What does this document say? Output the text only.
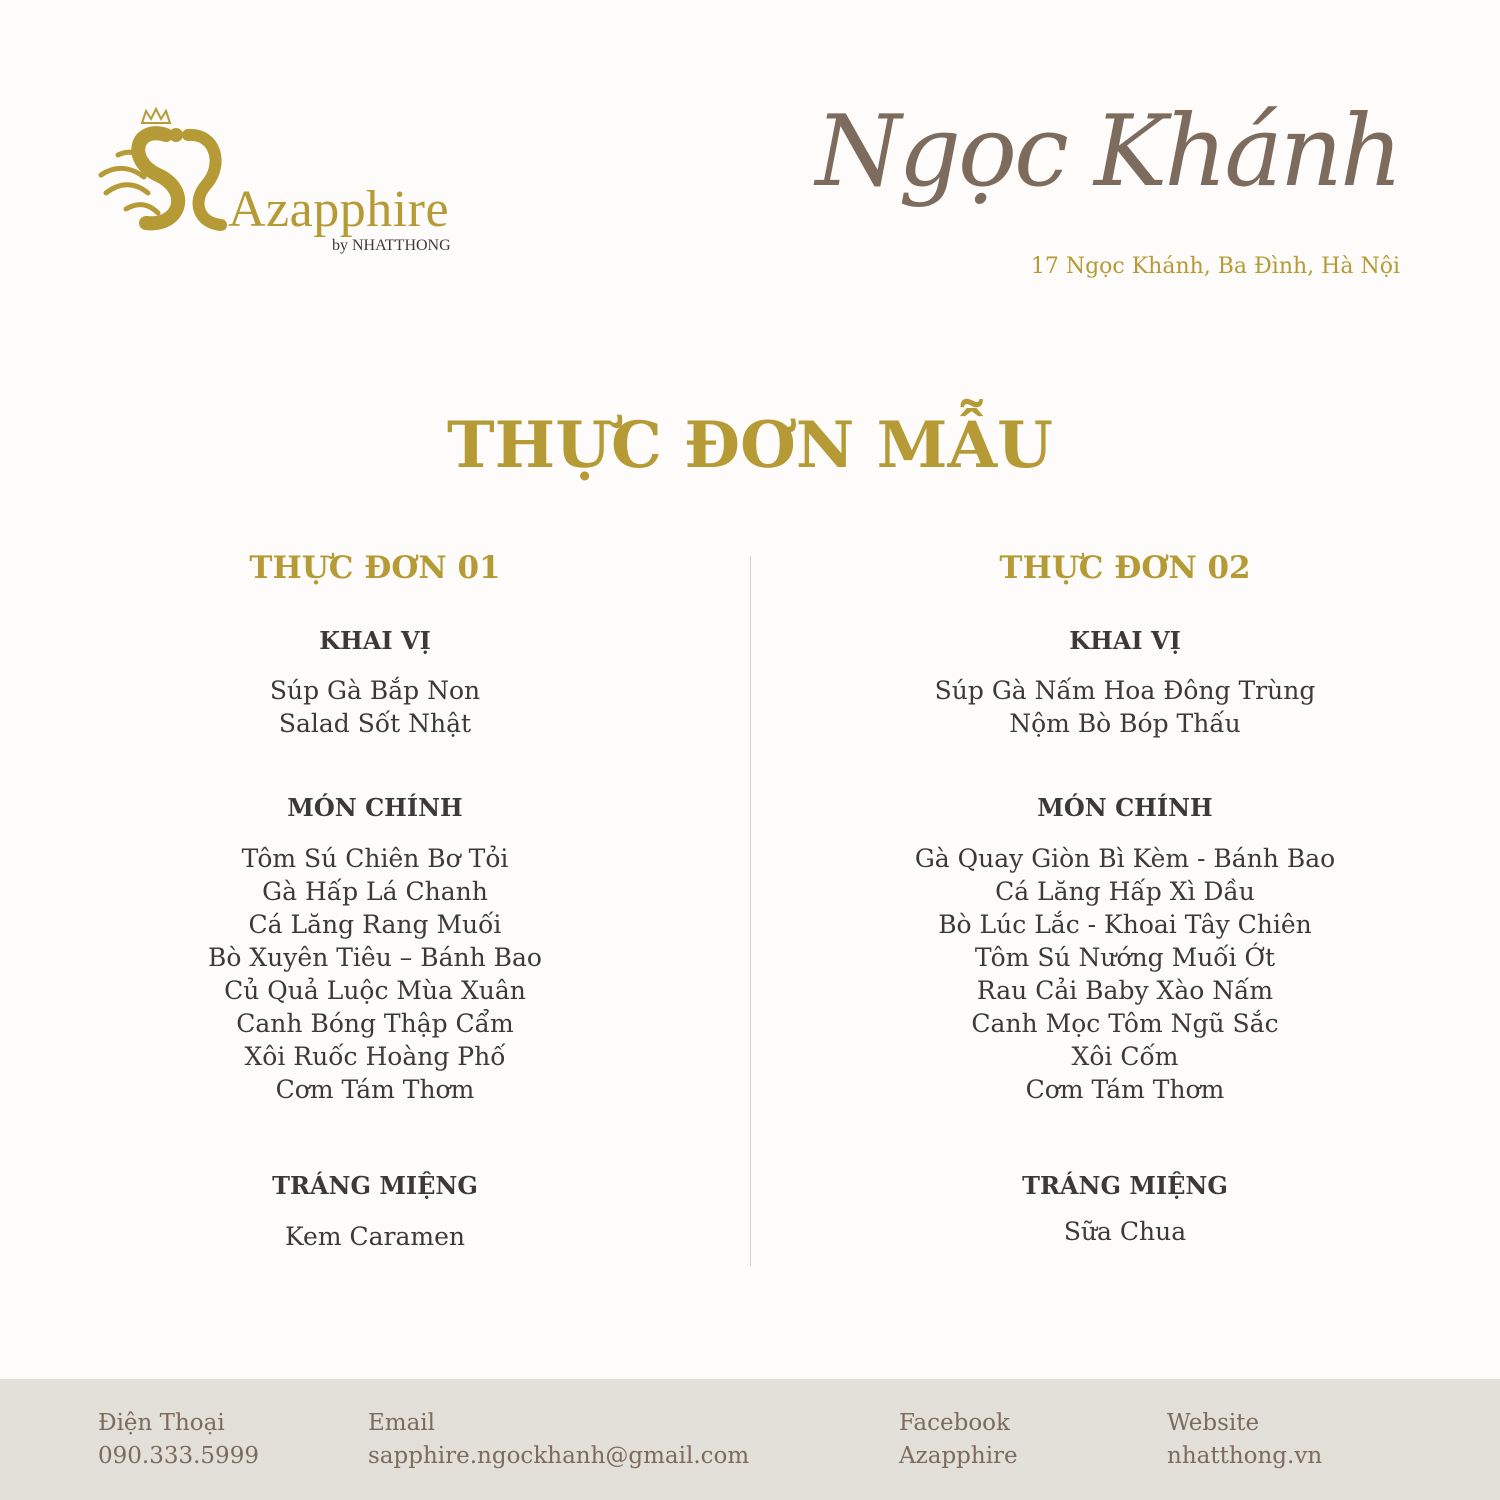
Azapphire
by NHATTHONG
Ngọc Khánh
17 Ngọc Khánh, Ba Đình, Hà Nội
THỰC ĐƠN MẪU
THỰC ĐƠN 01
KHAI VỊ
Súp Gà Bắp Non
Salad Sốt Nhật
MÓN CHÍNH
Tôm Sú Chiên Bơ Tỏi
Gà Hấp Lá Chanh
Cá Lăng Rang Muối
Bò Xuyên Tiêu – Bánh Bao
Củ Quả Luộc Mùa Xuân
Canh Bóng Thập Cẩm
Xôi Ruốc Hoàng Phố
Cơm Tám Thơm
TRÁNG MIỆNG
Kem Caramen
THỰC ĐƠN 02
KHAI VỊ
Súp Gà Nấm Hoa Đông Trùng
Nộm Bò Bóp Thấu
MÓN CHÍNH
Gà Quay Giòn Bì Kèm - Bánh Bao
Cá Lăng Hấp Xì Dầu
Bò Lúc Lắc - Khoai Tây Chiên
Tôm Sú Nướng Muối Ớt
Rau Cải Baby Xào Nấm
Canh Mọc Tôm Ngũ Sắc
Xôi Cốm
Cơm Tám Thơm
TRÁNG MIỆNG
Sữa Chua
Điện Thoại
090.333.5999
Email
sapphire.ngockhanh@gmail.com
Facebook
Azapphire
Website
nhatthong.vn
